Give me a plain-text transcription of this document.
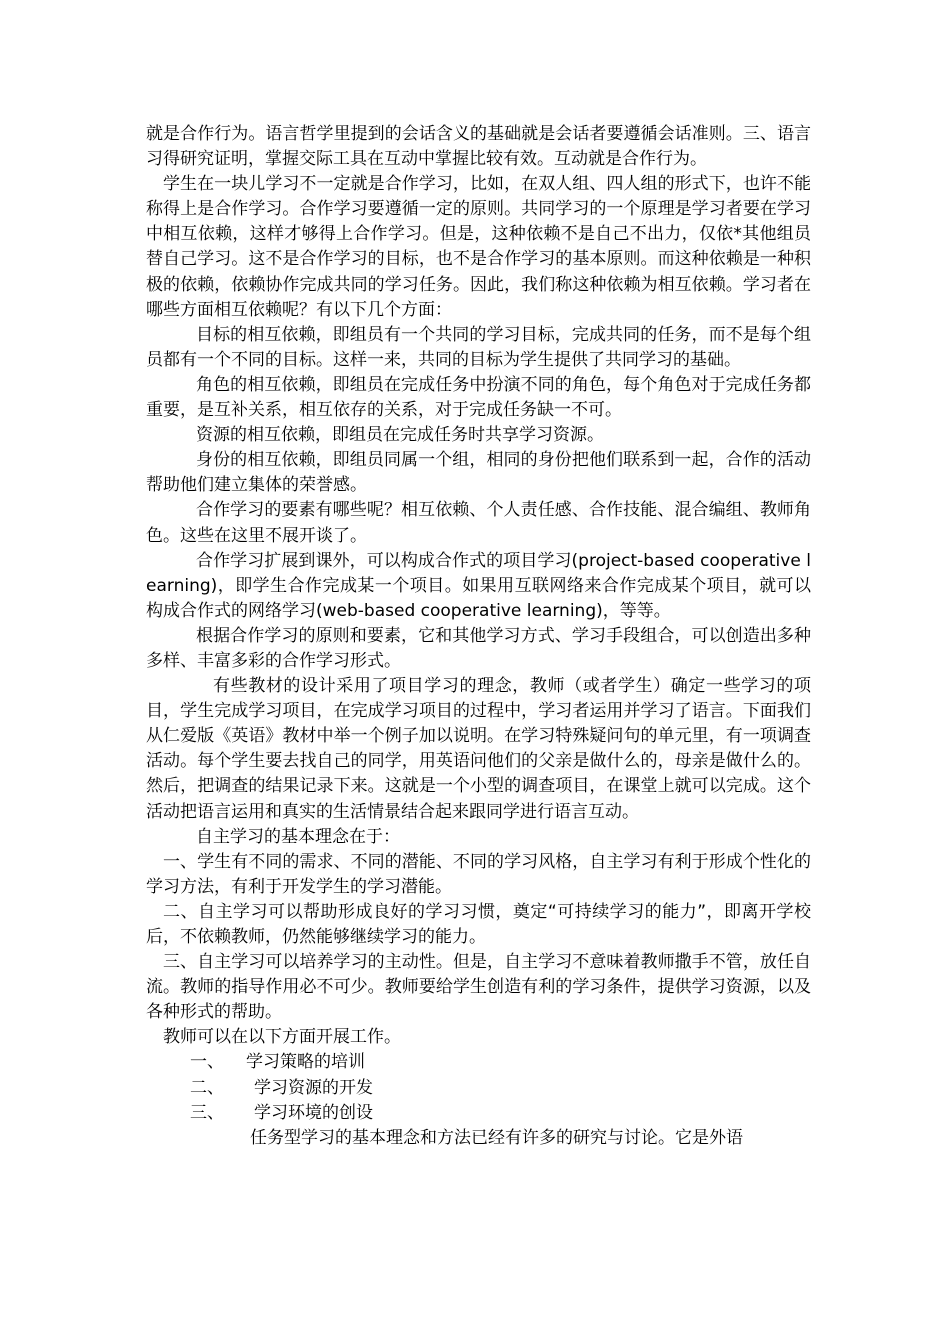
就是合作行为。语言哲学里提到的会话含义的基础就是会话者要遵循会话准则。三、语言习得研究证明，掌握交际工具在互动中掌握比较有效。互动就是合作行为。

学生在一块儿学习不一定就是合作学习，比如，在双人组、四人组的形式下，也许不能称得上是合作学习。合作学习要遵循一定的原则。共同学习的一个原理是学习者要在学习中相互依赖，这样才够得上合作学习。但是，这种依赖不是自己不出力，仅依*其他组员替自己学习。这不是合作学习的目标，也不是合作学习的基本原则。而这种依赖是一种积极的依赖，依赖协作完成共同的学习任务。因此，我们称这种依赖为相互依赖。学习者在哪些方面相互依赖呢？有以下几个方面：

目标的相互依赖，即组员有一个共同的学习目标，完成共同的任务，而不是每个组员都有一个不同的目标。这样一来，共同的目标为学生提供了共同学习的基础。

角色的相互依赖，即组员在完成任务中扮演不同的角色，每个角色对于完成任务都重要，是互补关系，相互依存的关系，对于完成任务缺一不可。

资源的相互依赖，即组员在完成任务时共享学习资源。

身份的相互依赖，即组员同属一个组，相同的身份把他们联系到一起，合作的活动帮助他们建立集体的荣誉感。

合作学习的要素有哪些呢？相互依赖、个人责任感、合作技能、混合编组、教师角色。这些在这里不展开谈了。

合作学习扩展到课外，可以构成合作式的项目学习(project-based cooperative learning)，即学生合作完成某一个项目。如果用互联网络来合作完成某个项目，就可以构成合作式的网络学习(web-based cooperative learning)，等等。

根据合作学习的原则和要素，它和其他学习方式、学习手段组合，可以创造出多种多样、丰富多彩的合作学习形式。

有些教材的设计采用了项目学习的理念，教师（或者学生）确定一些学习的项目，学生完成学习项目，在完成学习项目的过程中，学习者运用并学习了语言。下面我们从仁爱版《英语》教材中举一个例子加以说明。在学习特殊疑问句的单元里，有一项调查活动。每个学生要去找自己的同学，用英语问他们的父亲是做什么的，母亲是做什么的。然后，把调查的结果记录下来。这就是一个小型的调查项目，在课堂上就可以完成。这个活动把语言运用和真实的生活情景结合起来跟同学进行语言互动。

自主学习的基本理念在于：

一、学生有不同的需求、不同的潜能、不同的学习风格，自主学习有利于形成个性化的学习方法，有利于开发学生的学习潜能。

二、自主学习可以帮助形成良好的学习习惯，奠定“可持续学习的能力”，即离开学校后，不依赖教师，仍然能够继续学习的能力。

三、自主学习可以培养学习的主动性。但是，自主学习不意味着教师撒手不管，放任自流。教师的指导作用必不可少。教师要给学生创造有利的学习条件，提供学习资源，以及各种形式的帮助。

教师可以在以下方面开展工作。

一、	学习策略的培训
二、	学习资源的开发
三、	学习环境的创设

任务型学习的基本理念和方法已经有许多的研究与讨论。它是外语
